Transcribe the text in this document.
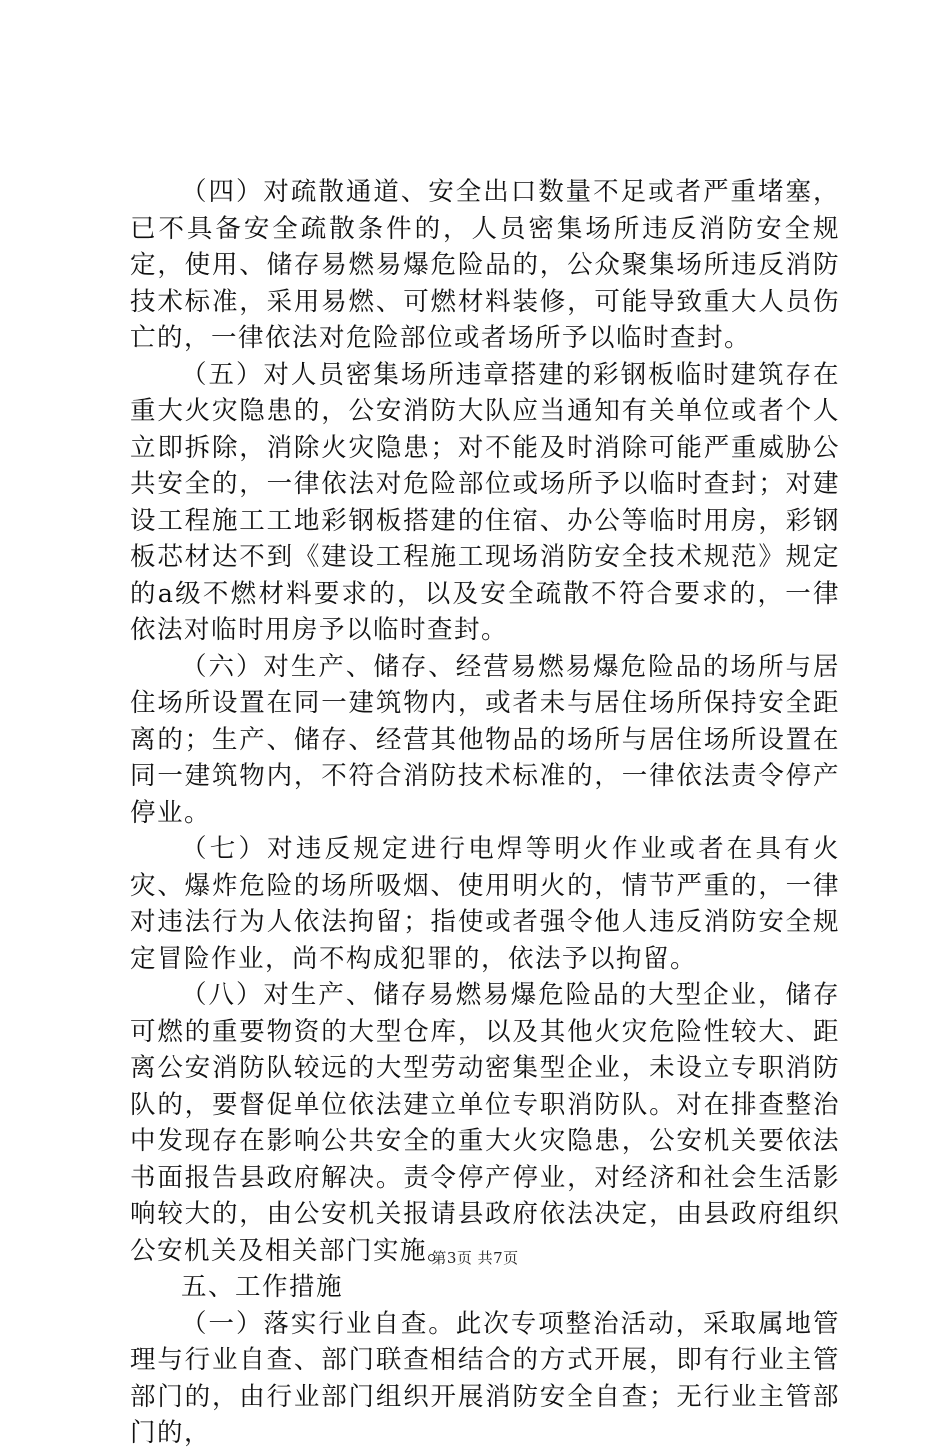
（四）对疏散通道、安全出口数量不足或者严重堵塞，已不具备安全疏散条件的，人员密集场所违反消防安全规定，使用、储存易燃易爆危险品的，公众聚集场所违反消防技术标准，采用易燃、可燃材料装修，可能导致重大人员伤亡的，一律依法对危险部位或者场所予以临时查封。

（五）对人员密集场所违章搭建的彩钢板临时建筑存在重大火灾隐患的，公安消防大队应当通知有关单位或者个人立即拆除，消除火灾隐患；对不能及时消除可能严重威胁公共安全的，一律依法对危险部位或场所予以临时查封；对建设工程施工工地彩钢板搭建的住宿、办公等临时用房，彩钢板芯材达不到《建设工程施工现场消防安全技术规范》规定的a级不燃材料要求的，以及安全疏散不符合要求的，一律依法对临时用房予以临时查封。

（六）对生产、储存、经营易燃易爆危险品的场所与居住场所设置在同一建筑物内，或者未与居住场所保持安全距离的；生产、储存、经营其他物品的场所与居住场所设置在同一建筑物内，不符合消防技术标准的，一律依法责令停产停业。

（七）对违反规定进行电焊等明火作业或者在具有火灾、爆炸危险的场所吸烟、使用明火的，情节严重的，一律对违法行为人依法拘留；指使或者强令他人违反消防安全规定冒险作业，尚不构成犯罪的，依法予以拘留。

（八）对生产、储存易燃易爆危险品的大型企业，储存可燃的重要物资的大型仓库，以及其他火灾危险性较大、距离公安消防队较远的大型劳动密集型企业，未设立专职消防队的，要督促单位依法建立单位专职消防队。对在排查整治中发现存在影响公共安全的重大火灾隐患，公安机关要依法书面报告县政府解决。责令停产停业，对经济和社会生活影响较大的，由公安机关报请县政府依法决定，由县政府组织公安机关及相关部门实施。

五、工作措施

（一）落实行业自查。此次专项整治活动，采取属地管理与行业自查、部门联查相结合的方式开展，即有行业主管部门的，由行业部门组织开展消防安全自查；无行业主管部门的，

第3页 共7页
